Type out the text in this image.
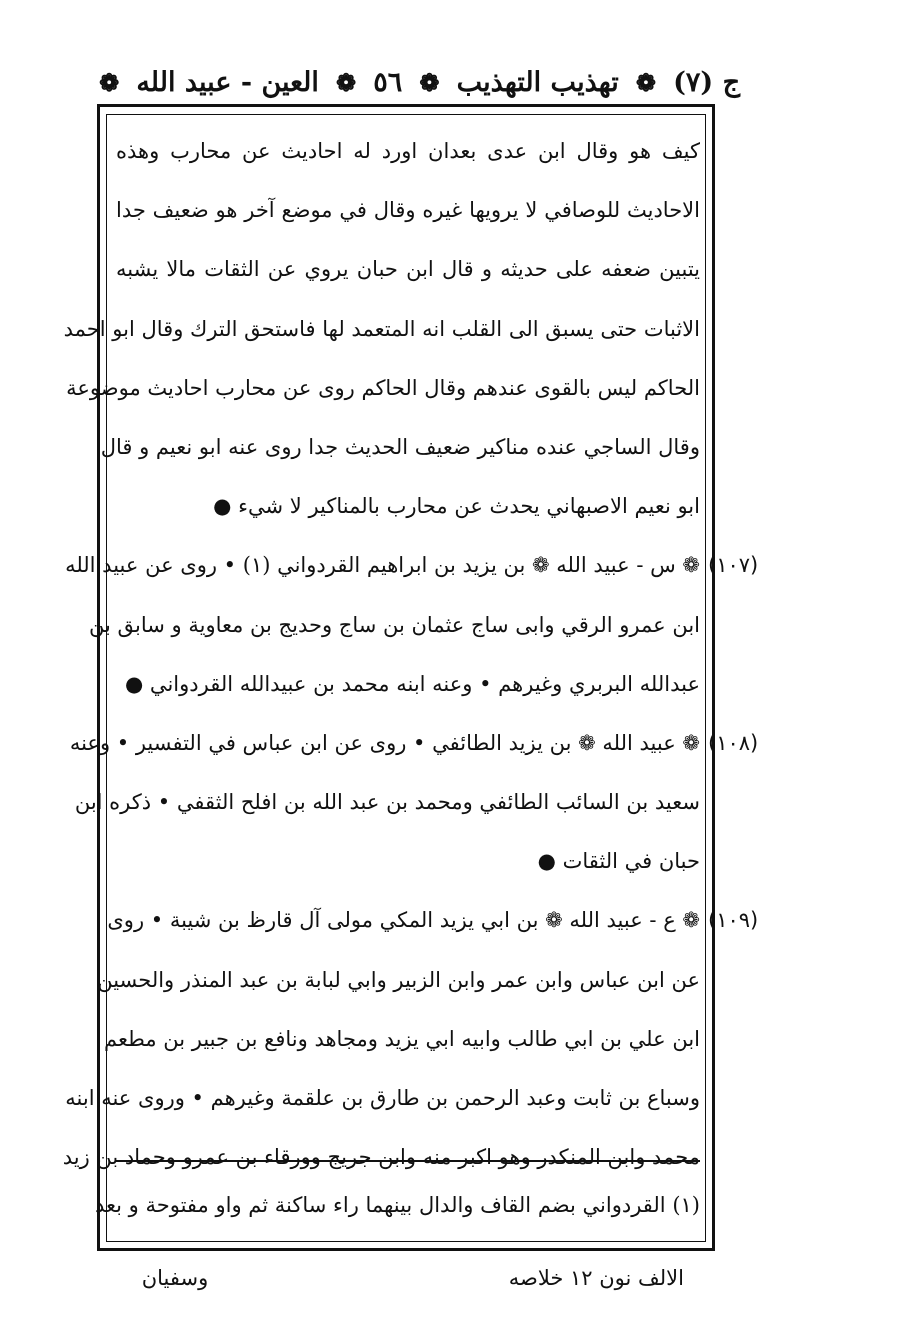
ج (٧)
❁
تهذيب التهذيب
❁
٥٦
❁
العين - عبيد الله
❁
كيف هو وقال ابن عدى بعدان اورد له احاديث عن محارب وهذه
الاحاديث للوصافي لا يرويها غيره وقال في موضع آخر هو ضعيف جدا
يتبين ضعفه على حديثه و قال ابن حبان يروي عن الثقات مالا يشبه
الاثبات حتى يسبق الى القلب انه المتعمد لها فاستحق الترك وقال ابو احمد
الحاكم ليس بالقوى عندهم وقال الحاكم روى عن محارب احاديث موضوعة
وقال الساجي عنده مناكير ضعيف الحديث جدا روى عنه ابو نعيم و قال
ابو نعيم الاصبهاني يحدث عن محارب بالمناكير لا شيء ●
❁ س - عبيد الله ❁ بن يزيد بن ابراهيم القردواني (١) • روى عن عبيد الله
ابن عمرو الرقي وابى ساج عثمان بن ساج وحديج بن معاوية و سابق بن
عبدالله البربري وغيرهم • وعنه ابنه محمد بن عبيدالله القردواني ●
❁ عبيد الله ❁ بن يزيد الطائفي • روى عن ابن عباس في التفسير • وعنه
سعيد بن السائب الطائفي ومحمد بن عبد الله بن افلح الثقفي • ذكره ابن
حبان في الثقات ●
❁ ع - عبيد الله ❁ بن ابي يزيد المكي مولى آل قارظ بن شيبة • روى
عن ابن عباس وابن عمر وابن الزبير وابي لبابة بن عبد المنذر والحسين
ابن علي بن ابي طالب وابيه ابي يزيد ومجاهد ونافع بن جبير بن مطعم
وسباع بن ثابت وعبد الرحمن بن طارق بن علقمة وغيرهم • وروى عنه ابنه
محمد وابن المنكدر وهو اكبر منه وابن جريج وورقاء بن عمرو وحماد بن زيد
(١٠٧)
(١٠٨)
(١٠٩)
(١) القردواني بضم القاف والدال بينهما راء ساكنة ثم واو مفتوحة و بعد
الالف نون ١٢ خلاصه
وسفيان
